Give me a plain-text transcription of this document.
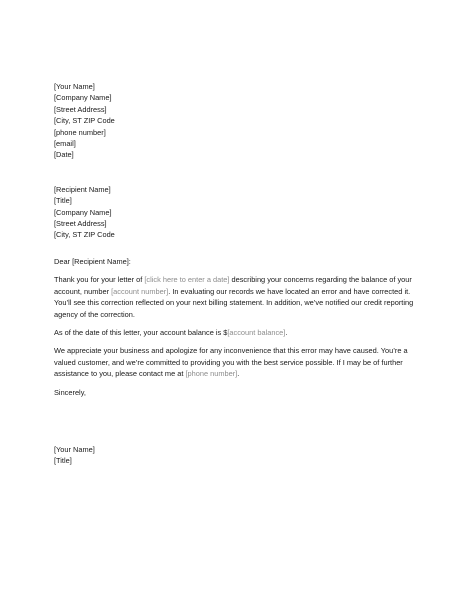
[Your Name]
[Company Name]
[Street Address]
[City, ST ZIP Code
[phone number]
[email]
[Date]
[Recipient Name]
[Title]
[Company Name]
[Street Address]
[City, ST ZIP Code

Dear [Recipient Name]:

Thank you for your letter of [click here to enter a date] describing your concerns regarding the balance of your account, number [account number]. In evaluating our records we have located an error and have corrected it. You’ll see this correction reflected on your next billing statement. In addition, we’ve notified our credit reporting agency of the correction.

As of the date of this letter, your account balance is $[account balance].

We appreciate your business and apologize for any inconvenience that this error may have caused. You’re a valued customer, and we’re committed to providing you with the best service possible. If I may be of further assistance to you, please contact me at [phone number].

Sincerely,

[Your Name]
[Title]
